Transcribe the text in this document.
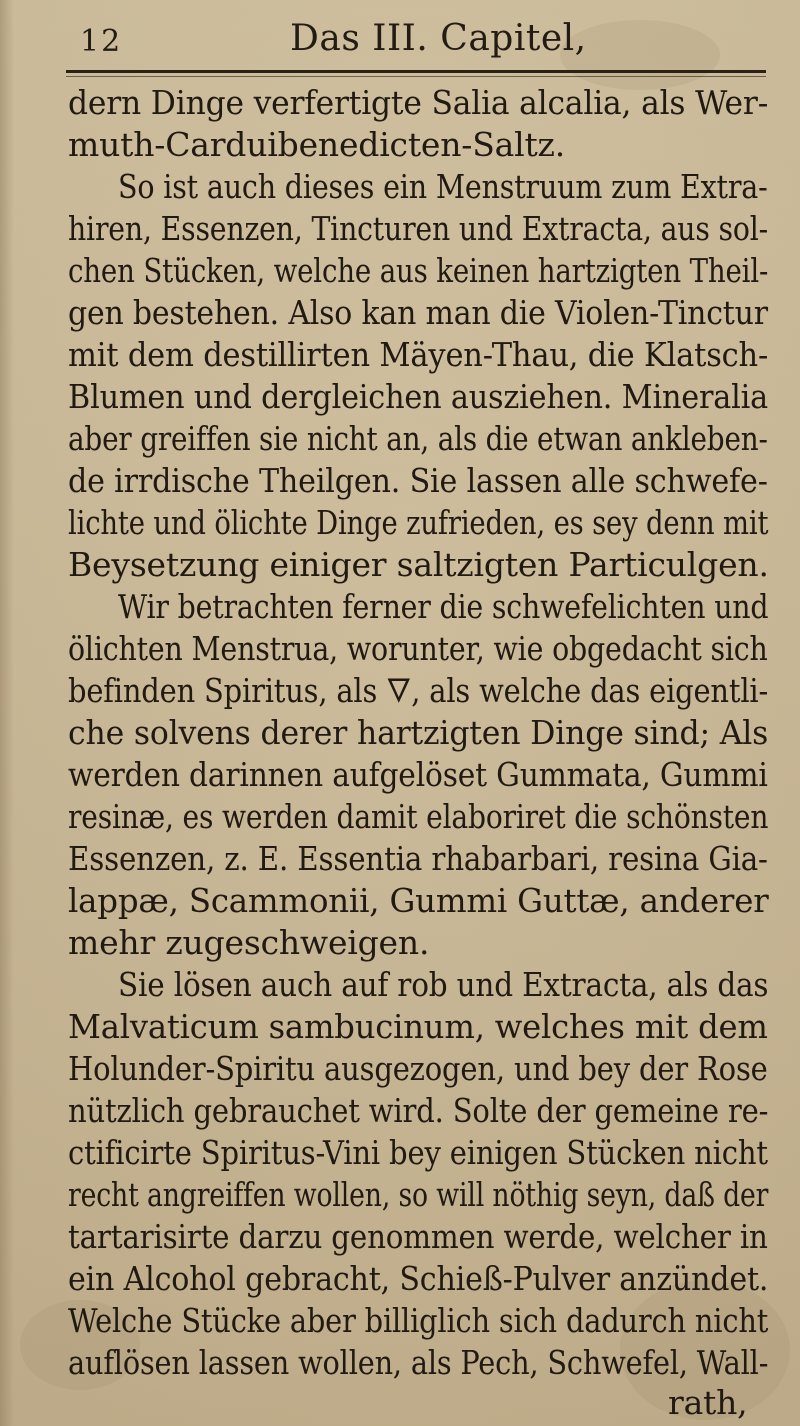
12	Das III. Capitel,
dern Dinge verfertigte Salia alcalia, als Wer-
muth-Carduibenedicten-Saltz.
So ist auch dieses ein Menstruum zum Extra-
hiren, Essenzen, Tincturen und Extracta, aus sol-
chen Stücken, welche aus keinen hartzigten Theil-
gen bestehen. Also kan man die Violen-Tinctur
mit dem destillirten Mäyen-Thau, die Klatsch-
Blumen und dergleichen ausziehen. Mineralia
aber greiffen sie nicht an, als die etwan ankleben-
de irrdische Theilgen. Sie lassen alle schwefe-
lichte und ölichte Dinge zufrieden, es sey denn mit
Beysetzung einiger saltzigten Particulgen.
Wir betrachten ferner die schwefelichten und
ölichten Menstrua, worunter, wie obgedacht sich
befinden Spiritus, als 🜄, als welche das eigentli-
che solvens derer hartzigten Dinge sind; Als
werden darinnen aufgelöset Gummata, Gummi
resinæ, es werden damit elaboriret die schönsten
Essenzen, z. E. Essentia rhabarbari, resina Gia-
lappæ, Scammonii, Gummi Guttæ, anderer
mehr zugeschweigen.
Sie lösen auch auf rob und Extracta, als das
Malvaticum sambucinum, welches mit dem
Holunder-Spiritu ausgezogen, und bey der Rose
nützlich gebrauchet wird. Solte der gemeine re-
ctificirte Spiritus-Vini bey einigen Stücken nicht
recht angreiffen wollen, so will nöthig seyn, daß der
tartarisirte darzu genommen werde, welcher in
ein Alcohol gebracht, Schieß-Pulver anzündet.
Welche Stücke aber billiglich sich dadurch nicht
auflösen lassen wollen, als Pech, Schwefel, Wall-
rath,
